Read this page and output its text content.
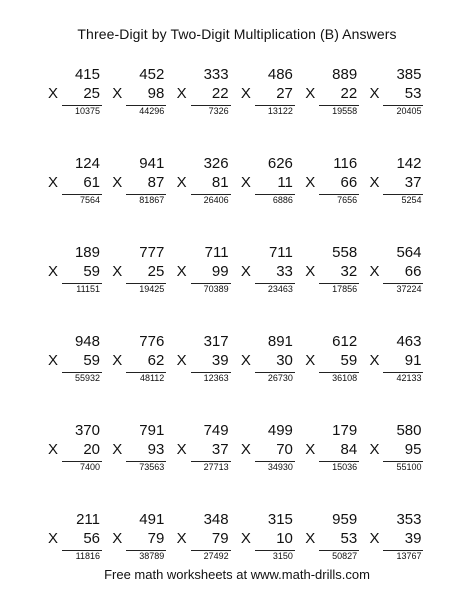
Three-Digit by Two-Digit Multiplication (B) Answers
415
X 25
10375
452
X 98
44296
333
X 22
7326
486
X 27
13122
889
X 22
19558
385
X 53
20405
124
X 61
7564
941
X 87
81867
326
X 81
26406
626
X 11
6886
116
X 66
7656
142
X 37
5254
189
X 59
11151
777
X 25
19425
711
X 99
70389
711
X 33
23463
558
X 32
17856
564
X 66
37224
948
X 59
55932
776
X 62
48112
317
X 39
12363
891
X 30
26730
612
X 59
36108
463
X 91
42133
370
X 20
7400
791
X 93
73563
749
X 37
27713
499
X 70
34930
179
X 84
15036
580
X 95
55100
211
X 56
11816
491
X 79
38789
348
X 79
27492
315
X 10
3150
959
X 53
50827
353
X 39
13767
Free math worksheets at www.math-drills.com
